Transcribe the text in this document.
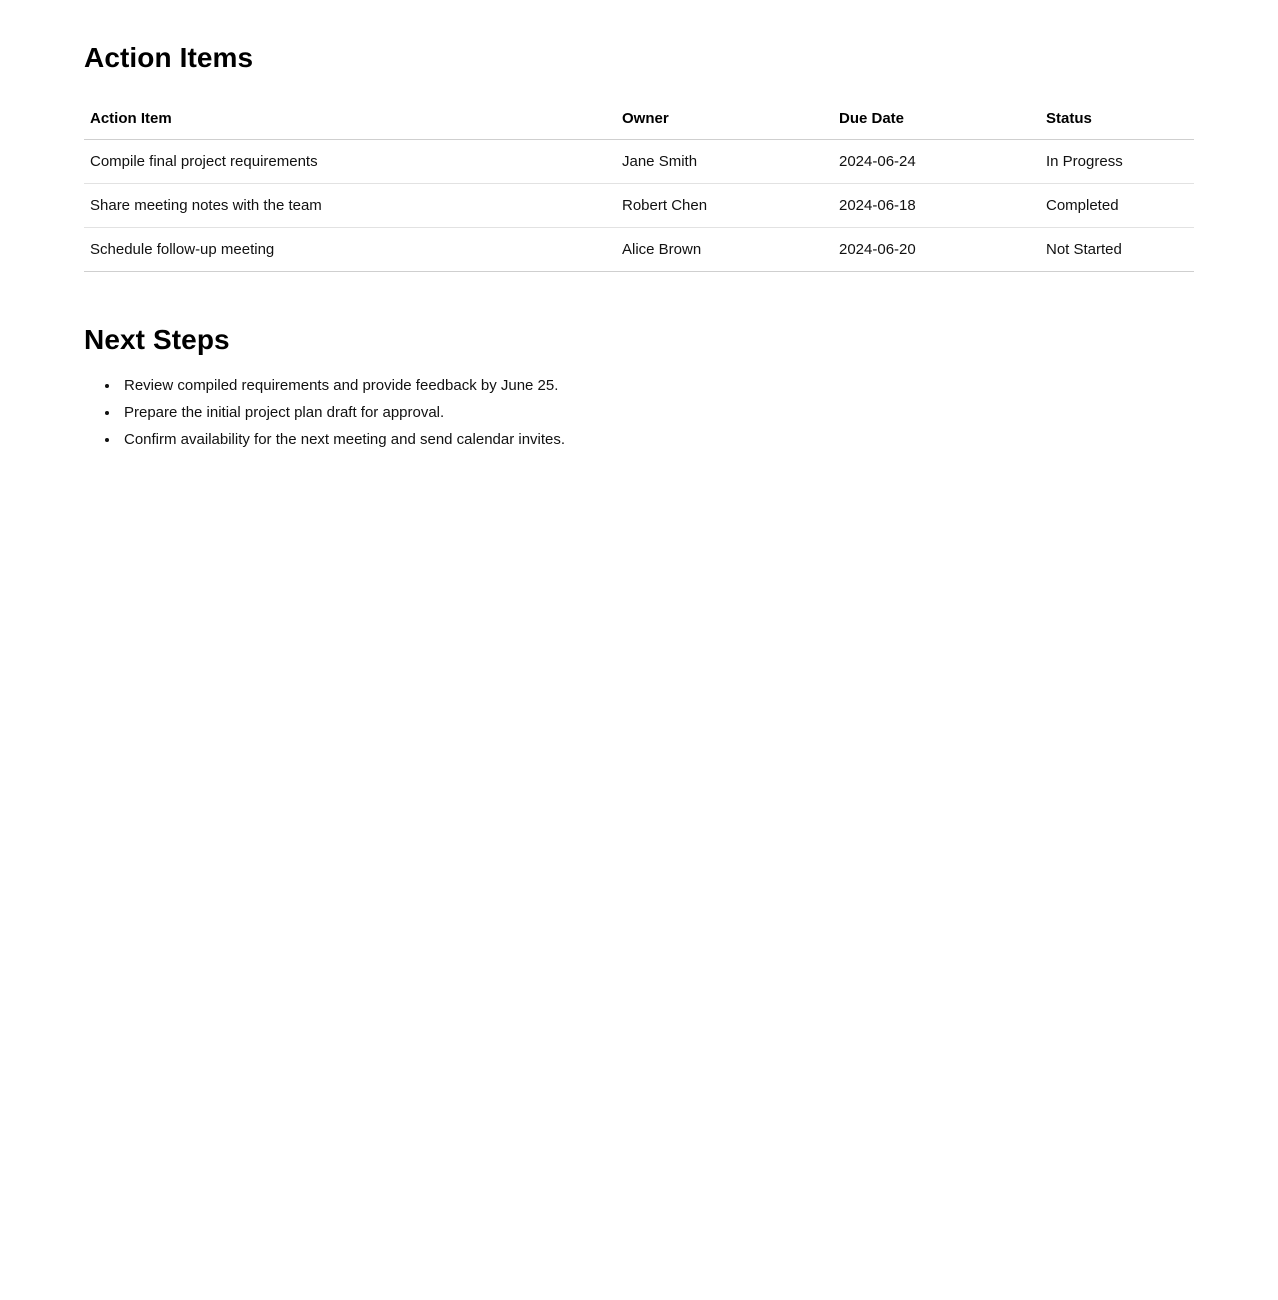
Action Items
Action Item	Owner	Due Date	Status
Compile final project requirements	Jane Smith	2024-06-24	In Progress
Share meeting notes with the team	Robert Chen	2024-06-18	Completed
Schedule follow-up meeting	Alice Brown	2024-06-20	Not Started
Next Steps
• Review compiled requirements and provide feedback by June 25.
• Prepare the initial project plan draft for approval.
• Confirm availability for the next meeting and send calendar invites.
